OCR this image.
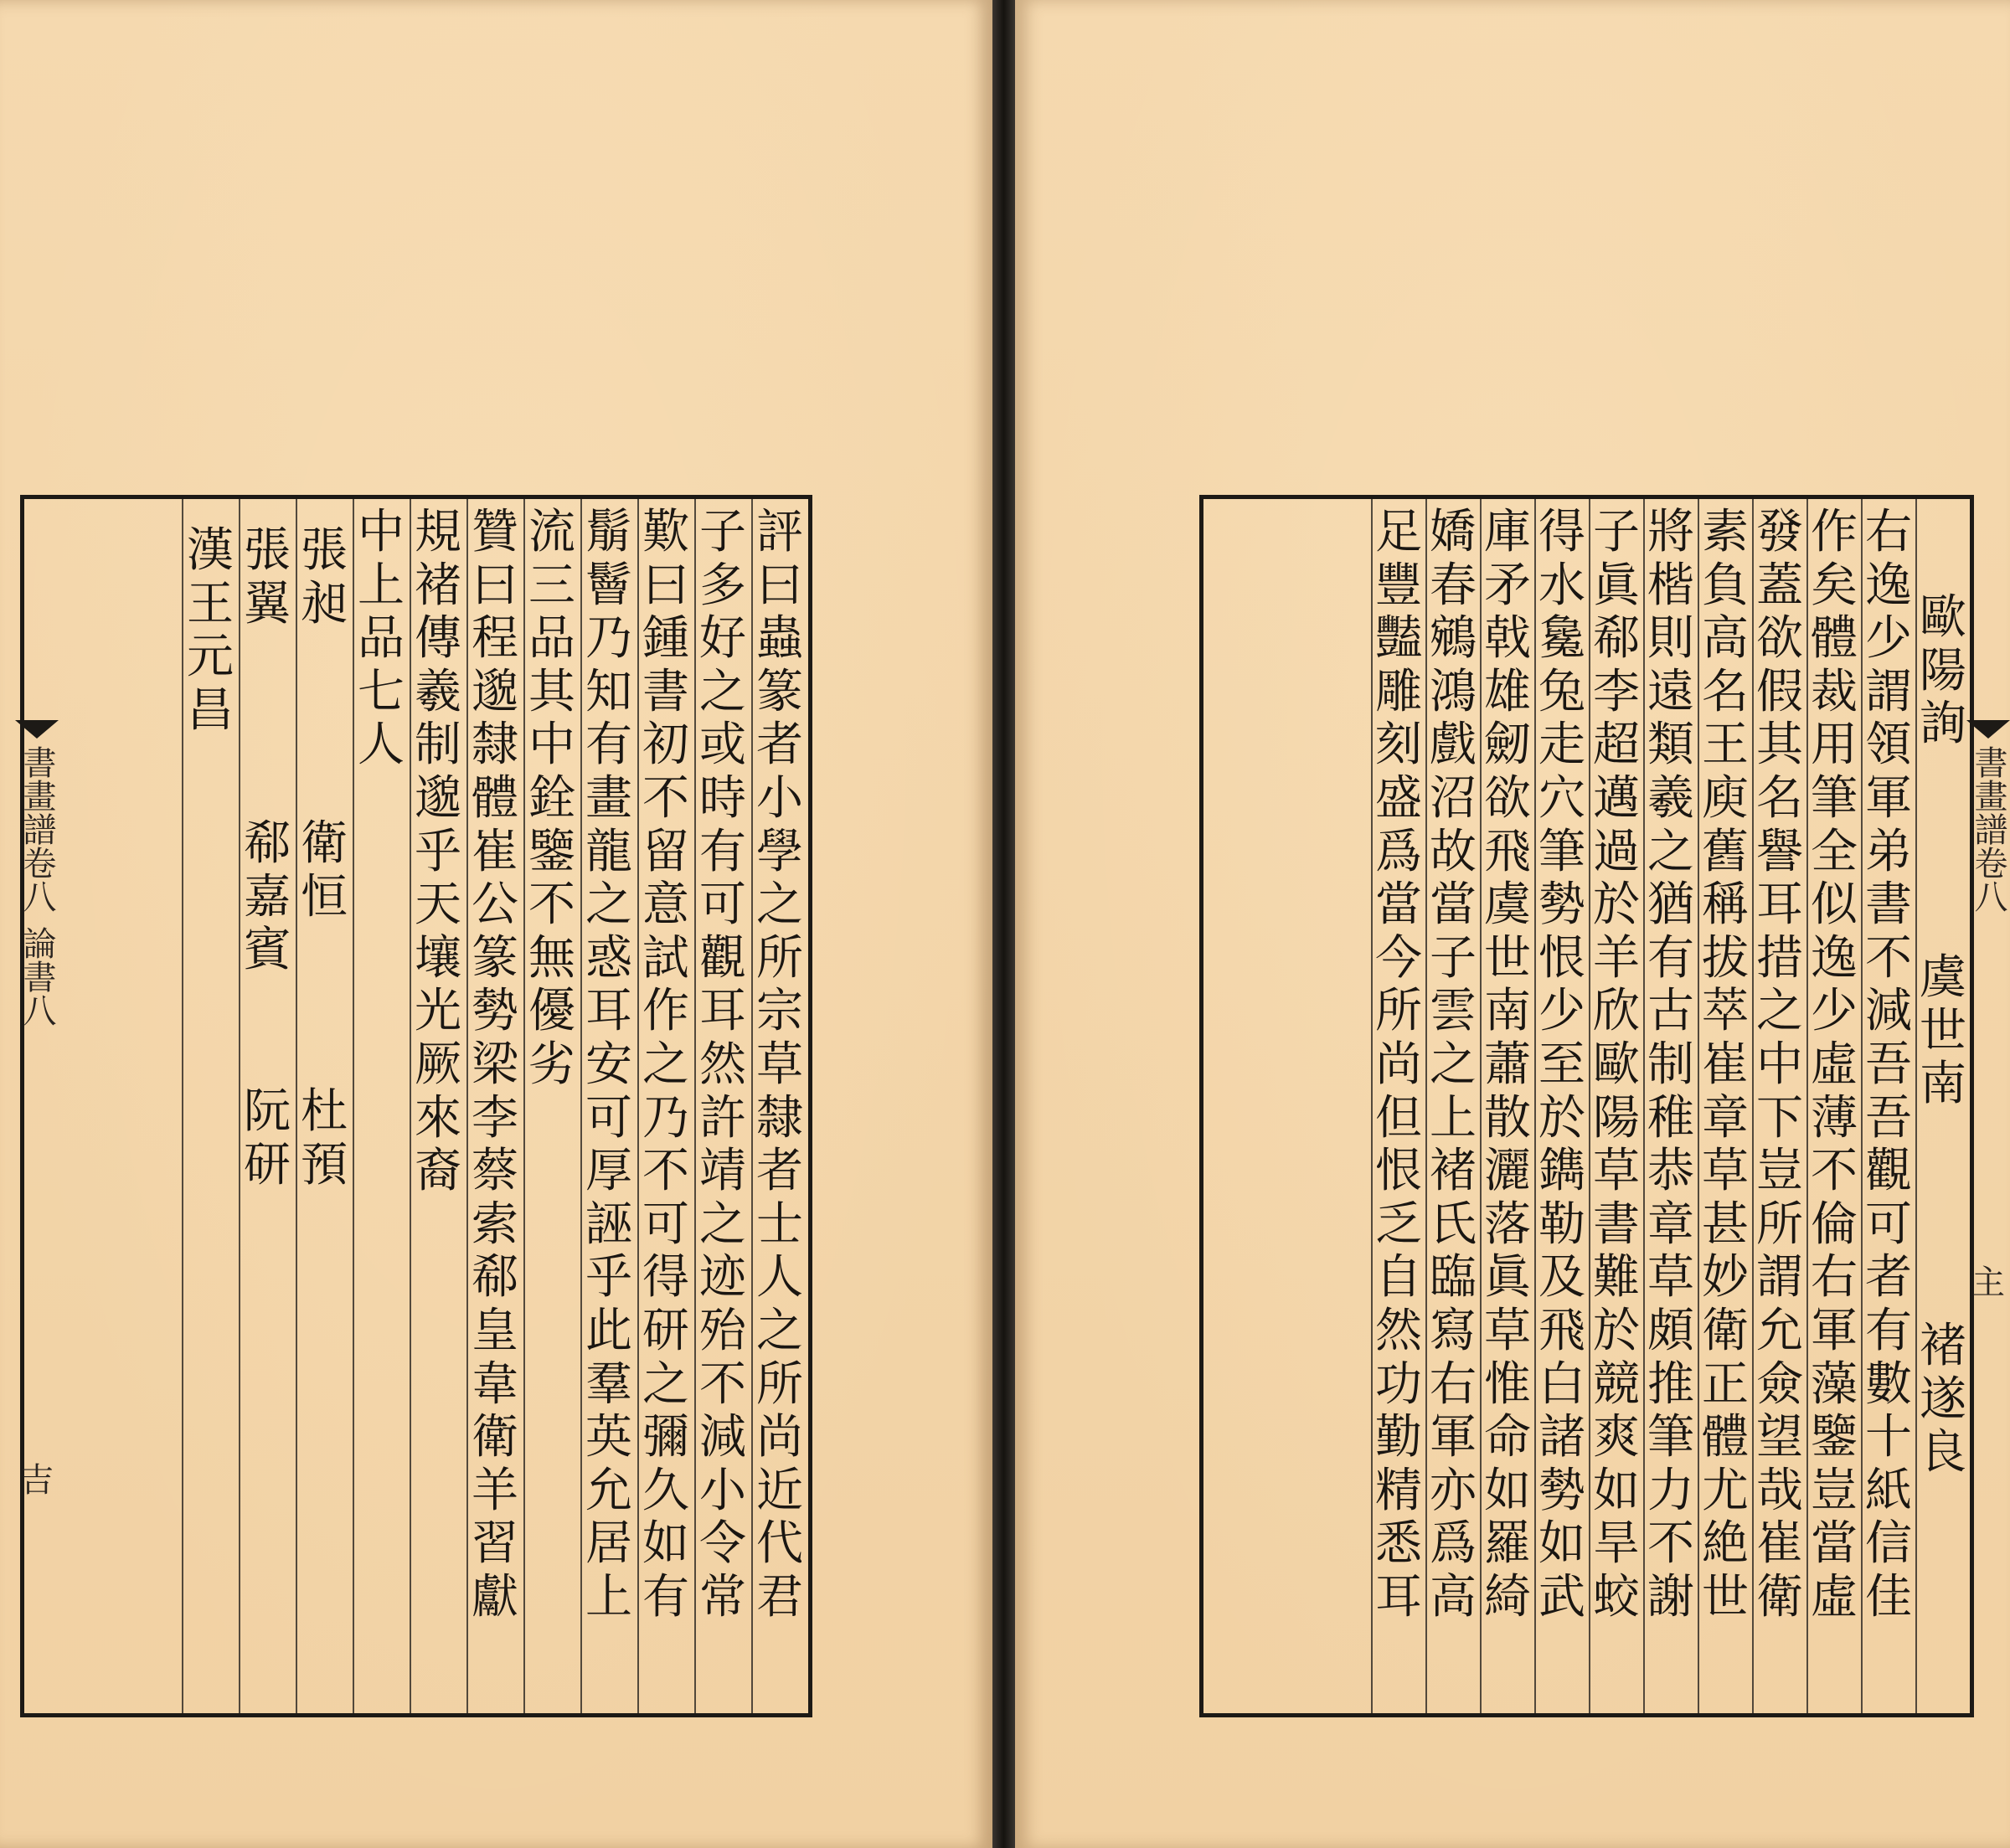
評
曰
蟲
篆
者
小
學
之
所
宗
草
隸
者
士
人
之
所
尚
近
代
君
子
多
好
之
或
時
有
可
觀
耳
然
許
靖
之
迹
殆
不
減
小
令
常
歎
曰
鍾
書
初
不
留
意
試
作
之
乃
不
可
得
研
之
彌
久
如
有
鬅
鬙
乃
知
有
畫
龍
之
惑
耳
安
可
厚
誣
乎
此
羣
英
允
居
上
流
三
品
其
中
銓
鑒
不
無
優
劣
贊
曰
程
邈
隸
體
崔
公
篆
勢
梁
李
蔡
索
郗
皇
韋
衛
羊
習
獻
規
褚
傳
羲
制
邈
乎
天
壤
光
厥
來
裔
中
上
品
七
人
張
昶
衛
恒
杜
預
張
翼
郗
嘉
賓
阮
研
漢
王
元
昌
書畫譜卷八
論書八
吉
歐
陽
詢
虞
世
南
褚
遂
良
右
逸
少
謂
領
軍
弟
書
不
減
吾
吾
觀
可
者
有
數
十
紙
信
佳
作
矣
體
裁
用
筆
全
似
逸
少
虛
薄
不
倫
右
軍
藻
鑒
豈
當
虛
發
蓋
欲
假
其
名
譽
耳
措
之
中
下
豈
所
謂
允
僉
望
哉
崔
衛
素
負
高
名
王
庾
舊
稱
拔
萃
崔
章
草
甚
妙
衛
正
體
尤
絶
世
將
楷
則
遠
類
羲
之
猶
有
古
制
稚
恭
章
草
頗
推
筆
力
不
謝
子
眞
郗
李
超
邁
過
於
羊
欣
歐
陽
草
書
難
於
競
爽
如
旱
蛟
得
水
毚
兔
走
穴
筆
勢
恨
少
至
於
鐫
勒
及
飛
白
諸
勢
如
武
庫
矛
戟
雄
劒
欲
飛
虞
世
南
蕭
散
灑
落
眞
草
惟
命
如
羅
綺
嬌
春
鵷
鴻
戲
沼
故
當
子
雲
之
上
褚
氏
臨
寫
右
軍
亦
爲
高
足
豐
豔
雕
刻
盛
爲
當
今
所
尚
但
恨
乏
自
然
功
勤
精
悉
耳
書畫譜卷八
主
